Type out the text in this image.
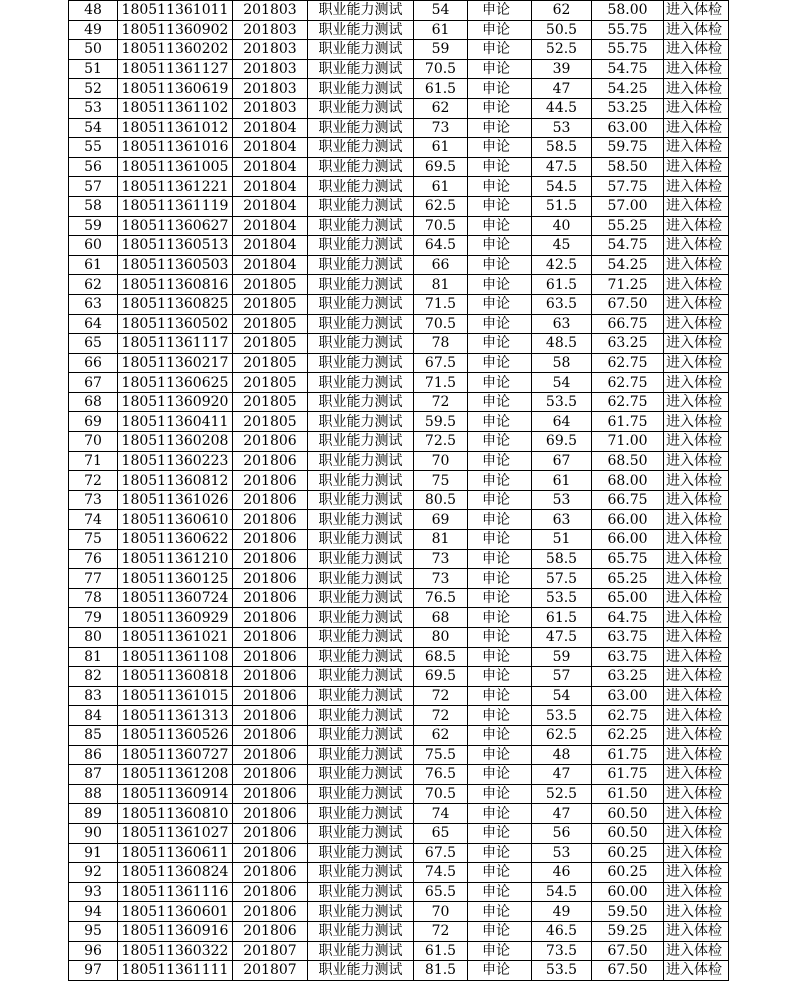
48	180511361011	201803	职业能力测试	54	申论	62	58.00	进入体检
49	180511360902	201803	职业能力测试	61	申论	50.5	55.75	进入体检
50	180511360202	201803	职业能力测试	59	申论	52.5	55.75	进入体检
51	180511361127	201803	职业能力测试	70.5	申论	39	54.75	进入体检
52	180511360619	201803	职业能力测试	61.5	申论	47	54.25	进入体检
53	180511361102	201803	职业能力测试	62	申论	44.5	53.25	进入体检
54	180511361012	201804	职业能力测试	73	申论	53	63.00	进入体检
55	180511361016	201804	职业能力测试	61	申论	58.5	59.75	进入体检
56	180511361005	201804	职业能力测试	69.5	申论	47.5	58.50	进入体检
57	180511361221	201804	职业能力测试	61	申论	54.5	57.75	进入体检
58	180511361119	201804	职业能力测试	62.5	申论	51.5	57.00	进入体检
59	180511360627	201804	职业能力测试	70.5	申论	40	55.25	进入体检
60	180511360513	201804	职业能力测试	64.5	申论	45	54.75	进入体检
61	180511360503	201804	职业能力测试	66	申论	42.5	54.25	进入体检
62	180511360816	201805	职业能力测试	81	申论	61.5	71.25	进入体检
63	180511360825	201805	职业能力测试	71.5	申论	63.5	67.50	进入体检
64	180511360502	201805	职业能力测试	70.5	申论	63	66.75	进入体检
65	180511361117	201805	职业能力测试	78	申论	48.5	63.25	进入体检
66	180511360217	201805	职业能力测试	67.5	申论	58	62.75	进入体检
67	180511360625	201805	职业能力测试	71.5	申论	54	62.75	进入体检
68	180511360920	201805	职业能力测试	72	申论	53.5	62.75	进入体检
69	180511360411	201805	职业能力测试	59.5	申论	64	61.75	进入体检
70	180511360208	201806	职业能力测试	72.5	申论	69.5	71.00	进入体检
71	180511360223	201806	职业能力测试	70	申论	67	68.50	进入体检
72	180511360812	201806	职业能力测试	75	申论	61	68.00	进入体检
73	180511361026	201806	职业能力测试	80.5	申论	53	66.75	进入体检
74	180511360610	201806	职业能力测试	69	申论	63	66.00	进入体检
75	180511360622	201806	职业能力测试	81	申论	51	66.00	进入体检
76	180511361210	201806	职业能力测试	73	申论	58.5	65.75	进入体检
77	180511360125	201806	职业能力测试	73	申论	57.5	65.25	进入体检
78	180511360724	201806	职业能力测试	76.5	申论	53.5	65.00	进入体检
79	180511360929	201806	职业能力测试	68	申论	61.5	64.75	进入体检
80	180511361021	201806	职业能力测试	80	申论	47.5	63.75	进入体检
81	180511361108	201806	职业能力测试	68.5	申论	59	63.75	进入体检
82	180511360818	201806	职业能力测试	69.5	申论	57	63.25	进入体检
83	180511361015	201806	职业能力测试	72	申论	54	63.00	进入体检
84	180511361313	201806	职业能力测试	72	申论	53.5	62.75	进入体检
85	180511360526	201806	职业能力测试	62	申论	62.5	62.25	进入体检
86	180511360727	201806	职业能力测试	75.5	申论	48	61.75	进入体检
87	180511361208	201806	职业能力测试	76.5	申论	47	61.75	进入体检
88	180511360914	201806	职业能力测试	70.5	申论	52.5	61.50	进入体检
89	180511360810	201806	职业能力测试	74	申论	47	60.50	进入体检
90	180511361027	201806	职业能力测试	65	申论	56	60.50	进入体检
91	180511360611	201806	职业能力测试	67.5	申论	53	60.25	进入体检
92	180511360824	201806	职业能力测试	74.5	申论	46	60.25	进入体检
93	180511361116	201806	职业能力测试	65.5	申论	54.5	60.00	进入体检
94	180511360601	201806	职业能力测试	70	申论	49	59.50	进入体检
95	180511360916	201806	职业能力测试	72	申论	46.5	59.25	进入体检
96	180511360322	201807	职业能力测试	61.5	申论	73.5	67.50	进入体检
97	180511361111	201807	职业能力测试	81.5	申论	53.5	67.50	进入体检
